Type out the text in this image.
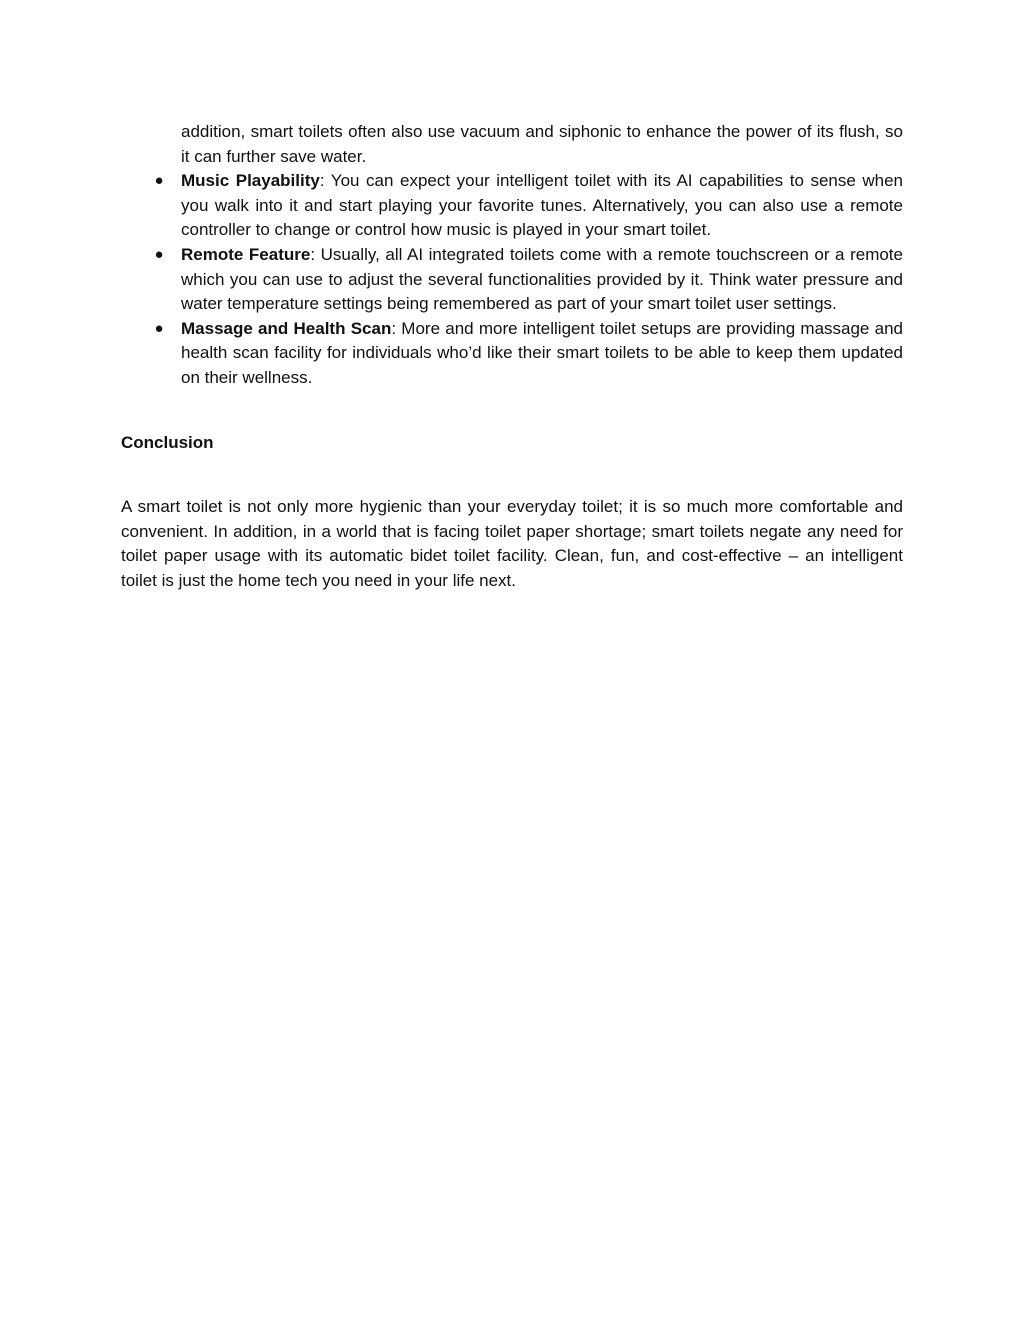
addition, smart toilets often also use vacuum and siphonic to enhance the power of its flush, so it can further save water.
● Music Playability: You can expect your intelligent toilet with its AI capabilities to sense when you walk into it and start playing your favorite tunes. Alternatively, you can also use a remote controller to change or control how music is played in your smart toilet.
● Remote Feature: Usually, all AI integrated toilets come with a remote touchscreen or a remote which you can use to adjust the several functionalities provided by it. Think water pressure and water temperature settings being remembered as part of your smart toilet user settings.
● Massage and Health Scan: More and more intelligent toilet setups are providing massage and health scan facility for individuals who’d like their smart toilets to be able to keep them updated on their wellness.
Conclusion

A smart toilet is not only more hygienic than your everyday toilet; it is so much more comfortable and convenient. In addition, in a world that is facing toilet paper shortage; smart toilets negate any need for toilet paper usage with its automatic bidet toilet facility. Clean, fun, and cost-effective – an intelligent toilet is just the home tech you need in your life next.
